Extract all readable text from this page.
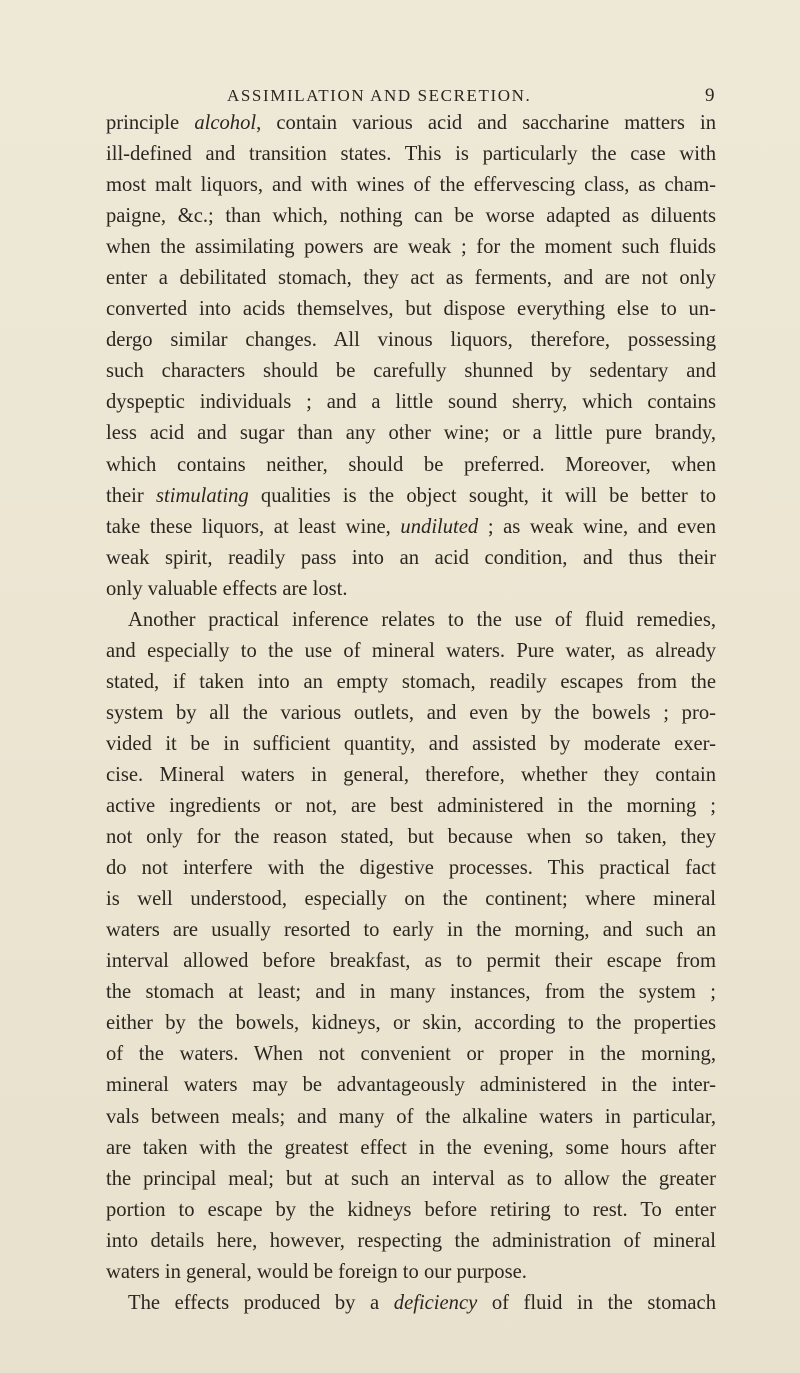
ASSIMILATION AND SECRETION.	9
principle alcohol, contain various acid and saccharine matters in
ill-defined and transition states. This is particularly the case with
most malt liquors, and with wines of the effervescing class, as cham-
paigne, &c.; than which, nothing can be worse adapted as diluents
when the assimilating powers are weak ; for the moment such fluids
enter a debilitated stomach, they act as ferments, and are not only
converted into acids themselves, but dispose everything else to un-
dergo similar changes. All vinous liquors, therefore, possessing
such characters should be carefully shunned by sedentary and
dyspeptic individuals ; and a little sound sherry, which contains
less acid and sugar than any other wine; or a little pure brandy,
which contains neither, should be preferred. Moreover, when
their stimulating qualities is the object sought, it will be better to
take these liquors, at least wine, undiluted ; as weak wine, and even
weak spirit, readily pass into an acid condition, and thus their
only valuable effects are lost.
Another practical inference relates to the use of fluid remedies,
and especially to the use of mineral waters. Pure water, as already
stated, if taken into an empty stomach, readily escapes from the
system by all the various outlets, and even by the bowels ; pro-
vided it be in sufficient quantity, and assisted by moderate exer-
cise. Mineral waters in general, therefore, whether they contain
active ingredients or not, are best administered in the morning ;
not only for the reason stated, but because when so taken, they
do not interfere with the digestive processes. This practical fact
is well understood, especially on the continent; where mineral
waters are usually resorted to early in the morning, and such an
interval allowed before breakfast, as to permit their escape from
the stomach at least; and in many instances, from the system ;
either by the bowels, kidneys, or skin, according to the properties
of the waters. When not convenient or proper in the morning,
mineral waters may be advantageously administered in the inter-
vals between meals; and many of the alkaline waters in particular,
are taken with the greatest effect in the evening, some hours after
the principal meal; but at such an interval as to allow the greater
portion to escape by the kidneys before retiring to rest. To enter
into details here, however, respecting the administration of mineral
waters in general, would be foreign to our purpose.
The effects produced by a deficiency of fluid in the stomach
